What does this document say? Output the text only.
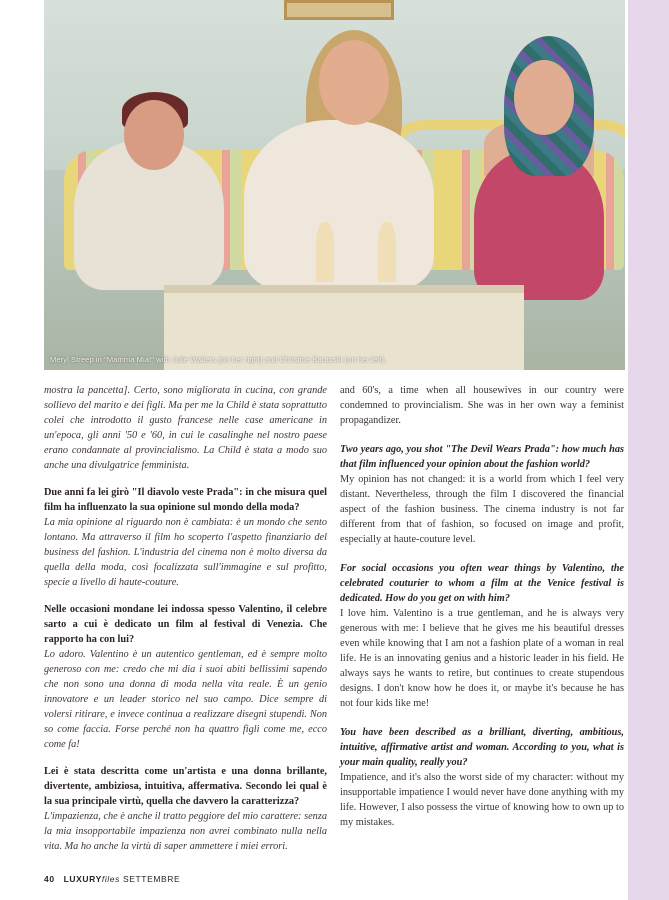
Meryl Streep in "Mamma Mia!" with Julie Walters (on her right) and Christine Baranski (on her left).

mostra la pancetta]. Certo, sono migliorata in cucina, con grande sollievo del marito e dei figli. Ma per me la Child è stata soprattutto colei che introdotto il gusto francese nelle case americane in un'epoca, gli anni '50 e '60, in cui le casalinghe nel nostro paese erano condannate al provincialismo. La Child è stata a modo suo anche una divulgatrice femminista.

Due anni fa lei girò "Il diavolo veste Prada": in che misura quel film ha influenzato la sua opinione sul mondo della moda?

La mia opinione al riguardo non è cambiata: è un mondo che sento lontano. Ma attraverso il film ho scoperto l'aspetto finanziario del business del fashion. L'industria del cinema non è molto diversa da quella della moda, così focalizzata sull'immagine e sul profitto, specie a livello di haute-couture.

Nelle occasioni mondane lei indossa spesso Valentino, il celebre sarto a cui è dedicato un film al festival di Venezia. Che rapporto ha con lui?

Lo adoro. Valentino è un autentico gentleman, ed è sempre molto generoso con me: credo che mi dia i suoi abiti bellissimi sapendo che non sono una donna di moda nella vita reale. È un genio innovatore e un leader storico nel suo campo. Dice sempre di volersi ritirare, e invece continua a realizzare disegni stupendi. Non so come faccia. Forse perché non ha quattro figli come me, ecco come fa!

Lei è stata descritta come un'artista e una donna brillante, divertente, ambiziosa, intuitiva, affermativa. Secondo lei qual è la sua principale virtù, quella che davvero la caratterizza?

L'impazienza, che è anche il tratto peggiore del mio carattere: senza la mia insopportabile impazienza non avrei combinato nulla nella vita. Ma ho anche la virtù di saper ammettere i miei errori.

and 60's, a time when all housewives in our country were condemned to provincialism. She was in her own way a feminist propagandizer.

Two years ago, you shot "The Devil Wears Prada": how much has that film influenced your opinion about the fashion world?

My opinion has not changed: it is a world from which I feel very distant. Nevertheless, through the film I discovered the financial aspect of the fashion business. The cinema industry is not far different from that of fashion, so focused on image and profit, especially at haute-couture level.

For social occasions you often wear things by Valentino, the celebrated couturier to whom a film at the Venice festival is dedicated. How do you get on with him?

I love him. Valentino is a true gentleman, and he is always very generous with me: I believe that he gives me his beautiful dresses even while knowing that I am not a fashion plate of a woman in real life. He is an innovating genius and a historic leader in his field. He always says he wants to retire, but continues to create stupendous designs. I don't know how he does it, or maybe it's because he has not four kids like me!

You have been described as a brilliant, diverting, ambitious, intuitive, affirmative artist and woman. According to you, what is your main quality, really you?

Impatience, and it's also the worst side of my character: without my insupportable impatience I would never have done anything with my life. However, I also possess the virtue of knowing how to own up to my mistakes.

40 LUXURYfiles SETTEMBRE
